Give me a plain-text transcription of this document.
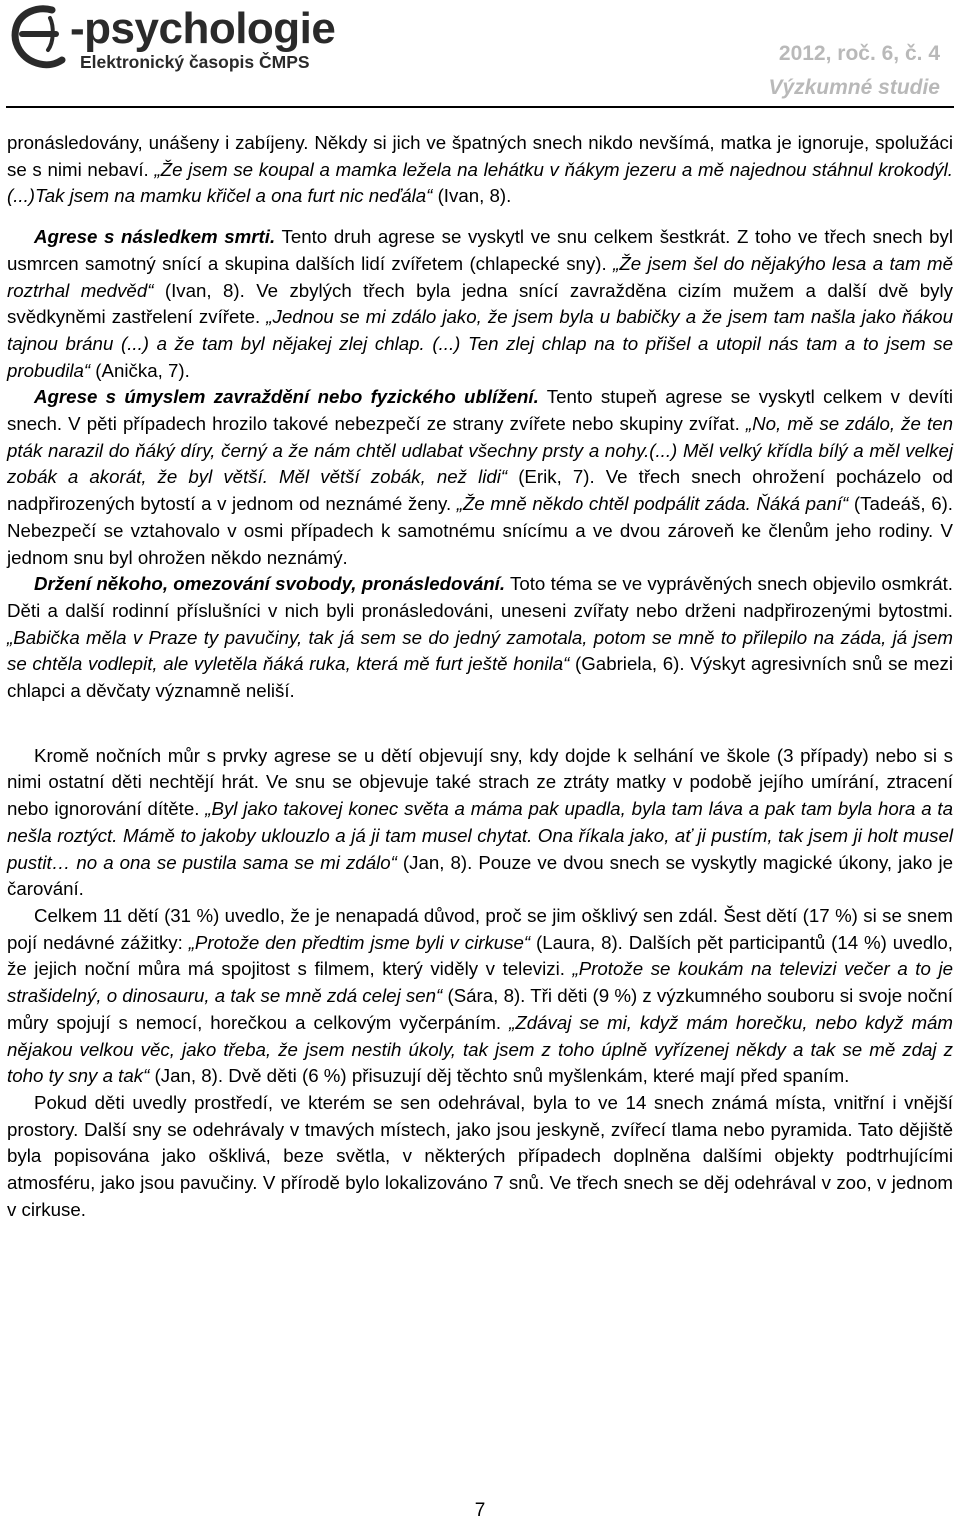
-psychologie
Elektronický časopis ČMPS	2012, roč. 6, č. 4
Výzkumné studie

pronásledovány, unášeny i zabíjeny. Někdy si jich ve špatných snech nikdo nevšímá, matka je ignoruje, spolužáci se s nimi nebaví. „Že jsem se koupal a mamka ležela na lehátku v ňákym jezeru a mě najednou stáhnul krokodýl. (...)Tak jsem na mamku křičel a ona furt nic neďála“ (Ivan, 8).

Agrese s následkem smrti. Tento druh agrese se vyskytl ve snu celkem šestkrát. Z toho ve třech snech byl usmrcen samotný snící a skupina dalších lidí zvířetem (chlapecké sny). „Že jsem šel do nějakýho lesa a tam mě roztrhal medvěd“ (Ivan, 8). Ve zbylých třech byla jedna snící zavražděna cizím mužem a další dvě byly svědkyněmi zastřelení zvířete. „Jednou se mi zdálo jako, že jsem byla u babičky a že jsem tam našla jako ňákou tajnou bránu (...) a že tam byl nějakej zlej chlap. (...) Ten zlej chlap na to přišel a utopil nás tam a to jsem se probudila“ (Anička, 7).

Agrese s úmyslem zavraždění nebo fyzického ublížení. Tento stupeň agrese se vyskytl celkem v devíti snech. V pěti případech hrozilo takové nebezpečí ze strany zvířete nebo skupiny zvířat. „No, mě se zdálo, že ten pták narazil do ňáký díry, černý a že nám chtěl udlabat všechny prsty a nohy.(...) Měl velký křídla bílý a měl velkej zobák a akorát, že byl větší. Měl větší zobák, než lidi“ (Erik, 7). Ve třech snech ohrožení pocházelo od nadpřirozených bytostí a v jednom od neznámé ženy. „Že mně někdo chtěl podpálit záda. Ňáká paní“ (Tadeáš, 6). Nebezpečí se vztahovalo v osmi případech k samotnému snícímu a ve dvou zároveň ke členům jeho rodiny. V jednom snu byl ohrožen někdo neznámý.

Držení někoho, omezování svobody, pronásledování. Toto téma se ve vyprávěných snech objevilo osmkrát. Děti a další rodinní příslušníci v nich byli pronásledováni, uneseni zvířaty nebo drženi nadpřirozenými bytostmi. „Babička měla v Praze ty pavučiny, tak já sem se do jedný zamotala, potom se mně to přilepilo na záda, já jsem se chtěla vodlepit, ale vyletěla ňáká ruka, která mě furt ještě honila“ (Gabriela, 6). Výskyt agresivních snů se mezi chlapci a děvčaty významně neliší.

Kromě nočních můr s prvky agrese se u dětí objevují sny, kdy dojde k selhání ve škole (3 případy) nebo si s nimi ostatní děti nechtějí hrát. Ve snu se objevuje také strach ze ztráty matky v podobě jejího umírání, ztracení nebo ignorování dítěte. „Byl jako takovej konec světa a máma pak upadla, byla tam láva a pak tam byla hora a ta nešla roztýct. Mámě to jakoby uklouzlo a já ji tam musel chytat. Ona říkala jako, ať ji pustím, tak jsem ji holt musel pustit… no a ona se pustila sama se mi zdálo“ (Jan, 8). Pouze ve dvou snech se vyskytly magické úkony, jako je čarování.

Celkem 11 dětí (31 %) uvedlo, že je nenapadá důvod, proč se jim ošklivý sen zdál. Šest dětí (17 %) si se snem pojí nedávné zážitky: „Protože den předtim jsme byli v cirkuse“ (Laura, 8). Dalších pět participantů (14 %) uvedlo, že jejich noční můra má spojitost s filmem, který viděly v televizi. „Protože se koukám na televizi večer a to je strašidelný, o dinosauru, a tak se mně zdá celej sen“ (Sára, 8). Tři děti (9 %) z výzkumného souboru si svoje noční můry spojují s nemocí, horečkou a celkovým vyčerpáním. „Zdávaj se mi, když mám horečku, nebo když mám nějakou velkou věc, jako třeba, že jsem nestih úkoly, tak jsem z toho úplně vyřízenej někdy a tak se mě zdaj z toho ty sny a tak“ (Jan, 8). Dvě děti (6 %) přisuzují děj těchto snů myšlenkám, které mají před spaním.

Pokud děti uvedly prostředí, ve kterém se sen odehrával, byla to ve 14 snech známá místa, vnitřní i vnější prostory. Další sny se odehrávaly v tmavých místech, jako jsou jeskyně, zvířecí tlama nebo pyramida. Tato dějiště byla popisována jako ošklivá, beze světla, v některých případech doplněna dalšími objekty podtrhujícími atmosféru, jako jsou pavučiny. V přírodě bylo lokalizováno 7 snů. Ve třech snech se děj odehrával v zoo, v jednom v cirkuse.

7
